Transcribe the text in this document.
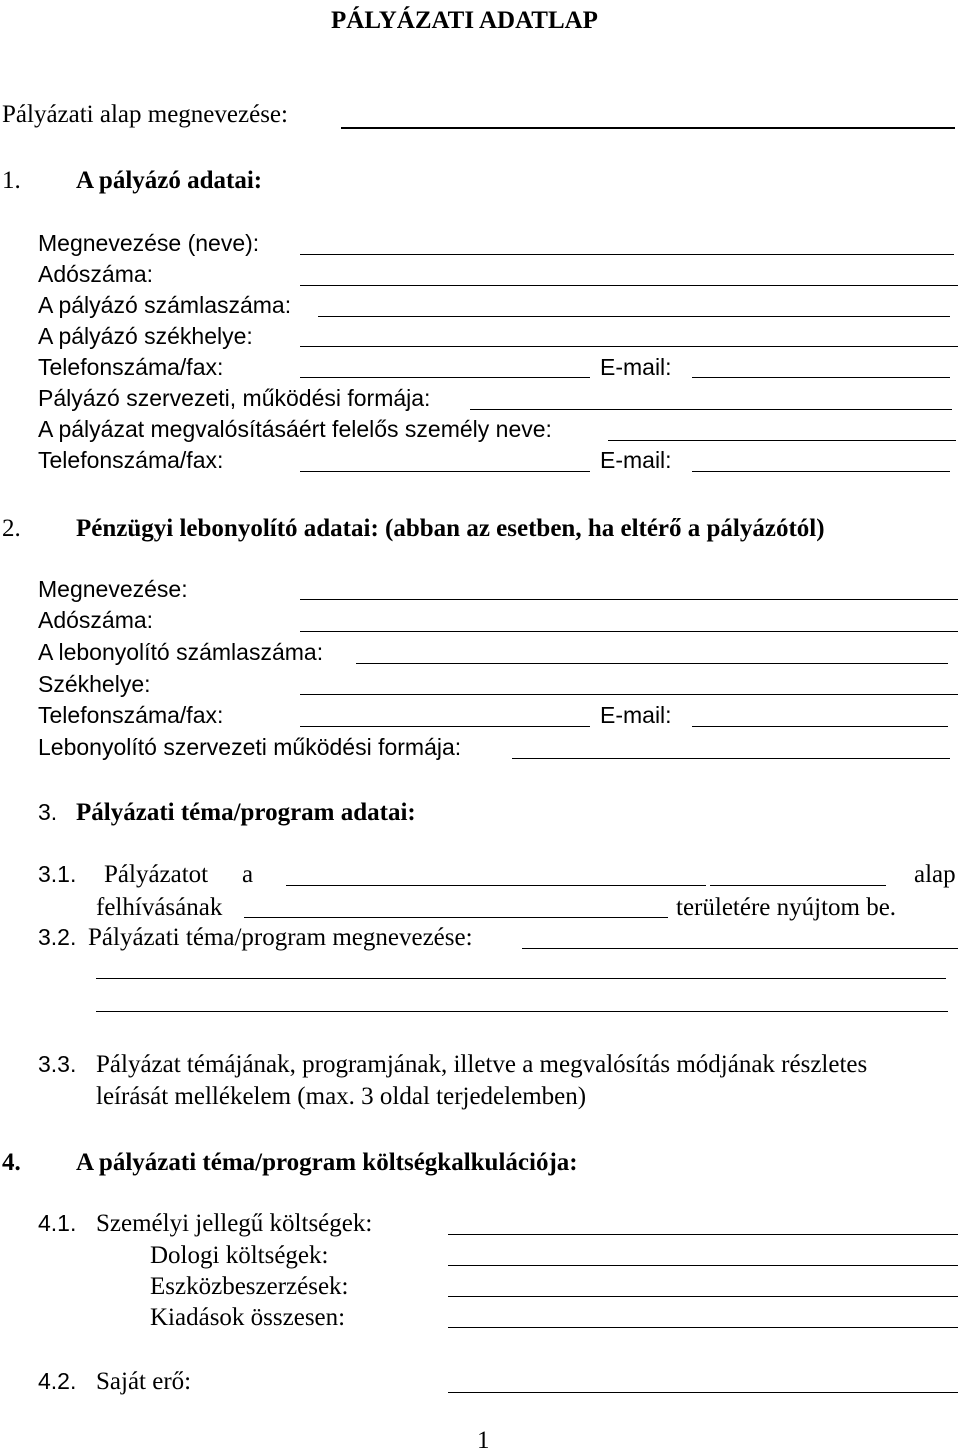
PÁLYÁZATI ADATLAP
Pályázati alap megnevezése:
1. A pályázó adatai:
Megnevezése (neve):
Adószáma:
A pályázó számlaszáma:
A pályázó székhelye:
Telefonszáma/fax:	E-mail:
Pályázó szervezeti, működési formája:
A pályázat megvalósításáért felelős személy neve:
Telefonszáma/fax:	E-mail:
2. Pénzügyi lebonyolító adatai: (abban az esetben, ha eltérő a pályázótól)
Megnevezése:
Adószáma:
A lebonyolító számlaszáma:
Székhelye:
Telefonszáma/fax:	E-mail:
Lebonyolító szervezeti működési formája:
3. Pályázati téma/program adatai:
3.1. Pályázatot a	alap
felhívásának	területére nyújtom be.
3.2. Pályázati téma/program megnevezése:
3.3. Pályázat témájának, programjának, illetve a megvalósítás módjának részletes
leírását mellékelem (max. 3 oldal terjedelemben)
4. A pályázati téma/program költségkalkulációja:
4.1. Személyi jellegű költségek:
Dologi költségek:
Eszközbeszerzések:
Kiadások összesen:
4.2. Saját erő:
1
